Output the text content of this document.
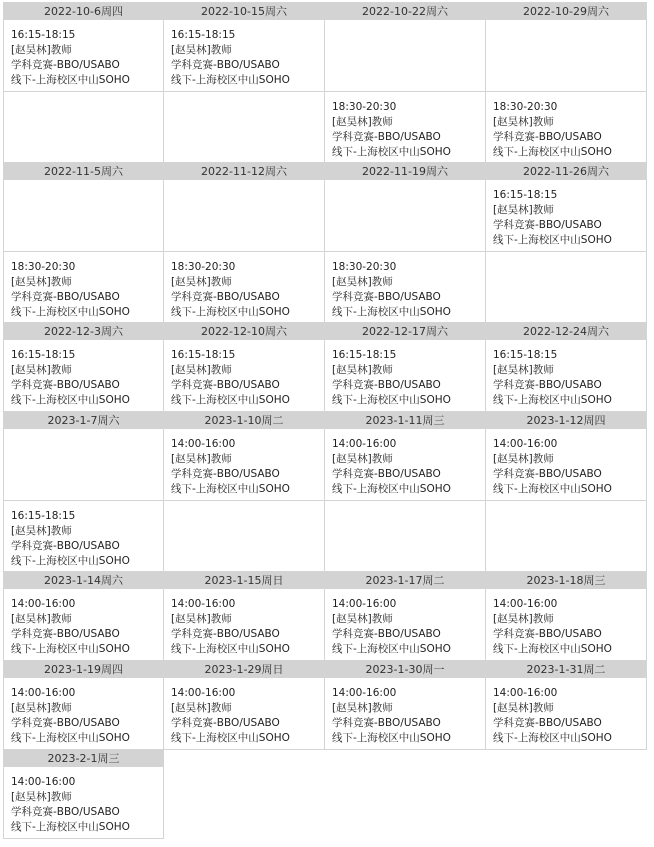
2022-10-6周四
16:15-18:15
[赵昊林]教师
学科竞赛-BBO/USABO
线下-上海校区中山SOHO
2022-10-15周六
16:15-18:15
[赵昊林]教师
学科竞赛-BBO/USABO
线下-上海校区中山SOHO
2022-10-22周六
18:30-20:30
[赵昊林]教师
学科竞赛-BBO/USABO
线下-上海校区中山SOHO
2022-10-29周六
18:30-20:30
[赵昊林]教师
学科竞赛-BBO/USABO
线下-上海校区中山SOHO
2022-11-5周六
18:30-20:30
[赵昊林]教师
学科竞赛-BBO/USABO
线下-上海校区中山SOHO
2022-11-12周六
18:30-20:30
[赵昊林]教师
学科竞赛-BBO/USABO
线下-上海校区中山SOHO
2022-11-19周六
18:30-20:30
[赵昊林]教师
学科竞赛-BBO/USABO
线下-上海校区中山SOHO
2022-11-26周六
16:15-18:15
[赵昊林]教师
学科竞赛-BBO/USABO
线下-上海校区中山SOHO
2022-12-3周六
16:15-18:15
[赵昊林]教师
学科竞赛-BBO/USABO
线下-上海校区中山SOHO
2022-12-10周六
16:15-18:15
[赵昊林]教师
学科竞赛-BBO/USABO
线下-上海校区中山SOHO
2022-12-17周六
16:15-18:15
[赵昊林]教师
学科竞赛-BBO/USABO
线下-上海校区中山SOHO
2022-12-24周六
16:15-18:15
[赵昊林]教师
学科竞赛-BBO/USABO
线下-上海校区中山SOHO
2023-1-7周六
16:15-18:15
[赵昊林]教师
学科竞赛-BBO/USABO
线下-上海校区中山SOHO
2023-1-10周二
14:00-16:00
[赵昊林]教师
学科竞赛-BBO/USABO
线下-上海校区中山SOHO
2023-1-11周三
14:00-16:00
[赵昊林]教师
学科竞赛-BBO/USABO
线下-上海校区中山SOHO
2023-1-12周四
14:00-16:00
[赵昊林]教师
学科竞赛-BBO/USABO
线下-上海校区中山SOHO
2023-1-14周六
14:00-16:00
[赵昊林]教师
学科竞赛-BBO/USABO
线下-上海校区中山SOHO
2023-1-15周日
14:00-16:00
[赵昊林]教师
学科竞赛-BBO/USABO
线下-上海校区中山SOHO
2023-1-17周二
14:00-16:00
[赵昊林]教师
学科竞赛-BBO/USABO
线下-上海校区中山SOHO
2023-1-18周三
14:00-16:00
[赵昊林]教师
学科竞赛-BBO/USABO
线下-上海校区中山SOHO
2023-1-19周四
14:00-16:00
[赵昊林]教师
学科竞赛-BBO/USABO
线下-上海校区中山SOHO
2023-1-29周日
14:00-16:00
[赵昊林]教师
学科竞赛-BBO/USABO
线下-上海校区中山SOHO
2023-1-30周一
14:00-16:00
[赵昊林]教师
学科竞赛-BBO/USABO
线下-上海校区中山SOHO
2023-1-31周二
14:00-16:00
[赵昊林]教师
学科竞赛-BBO/USABO
线下-上海校区中山SOHO
2023-2-1周三
14:00-16:00
[赵昊林]教师
学科竞赛-BBO/USABO
线下-上海校区中山SOHO
